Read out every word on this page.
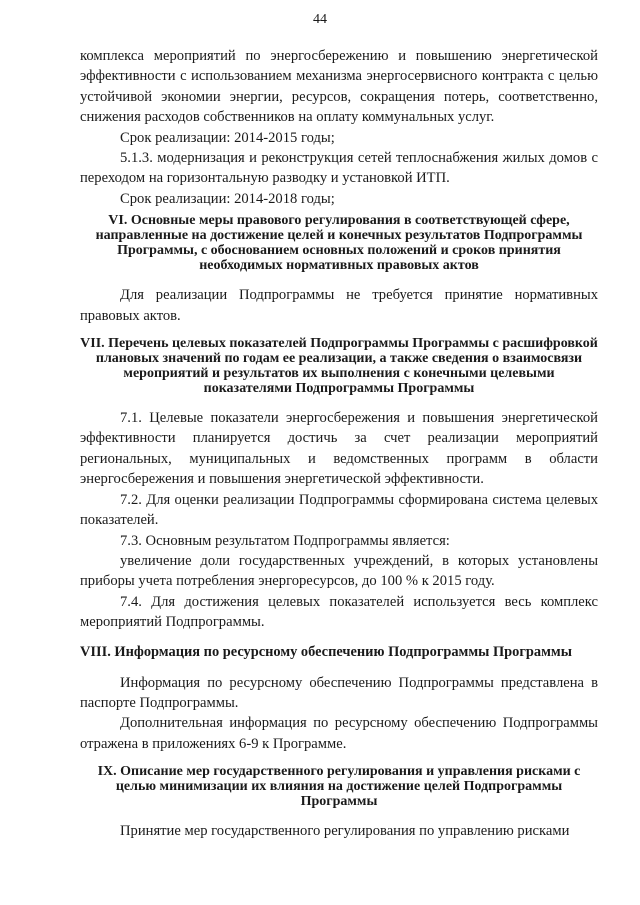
44

комплекса мероприятий по энергосбережению и повышению энергетической эффективности с использованием механизма энергосервисного контракта с целью устойчивой экономии энергии, ресурсов, сокращения потерь, соответственно, снижения расходов собственников на оплату коммунальных услуг.

Срок реализации: 2014-2015 годы;

5.1.3. модернизация и реконструкция сетей теплоснабжения жилых домов с переходом на горизонтальную разводку и установкой ИТП.

Срок реализации: 2014-2018 годы;

VI. Основные меры правового регулирования в соответствующей сфере, направленные на достижение целей и конечных результатов Подпрограммы Программы, с обоснованием основных положений и сроков принятия необходимых нормативных правовых актов

Для реализации Подпрограммы не требуется принятие нормативных правовых актов.

VII. Перечень целевых показателей Подпрограммы Программы с расшифровкой плановых значений по годам ее реализации, а также сведения о взаимосвязи мероприятий и результатов их выполнения с конечными целевыми показателями Подпрограммы Программы

7.1. Целевые показатели энергосбережения и повышения энергетической эффективности планируется достичь за счет реализации мероприятий региональных, муниципальных и ведомственных программ в области энергосбережения и повышения энергетической эффективности.

7.2. Для оценки реализации Подпрограммы сформирована система целевых показателей.

7.3. Основным результатом Подпрограммы является:

увеличение доли государственных учреждений, в которых установлены приборы учета потребления энергоресурсов, до 100 % к 2015 году.

7.4. Для достижения целевых показателей используется весь комплекс мероприятий Подпрограммы.

VIII. Информация по ресурсному обеспечению Подпрограммы Программы

Информация по ресурсному обеспечению Подпрограммы представлена в паспорте Подпрограммы.

Дополнительная информация по ресурсному обеспечению Подпрограммы отражена в приложениях 6-9 к Программе.

IX. Описание мер государственного регулирования и управления рисками с целью минимизации их влияния на достижение целей Подпрограммы Программы

Принятие мер государственного регулирования по управлению рисками
